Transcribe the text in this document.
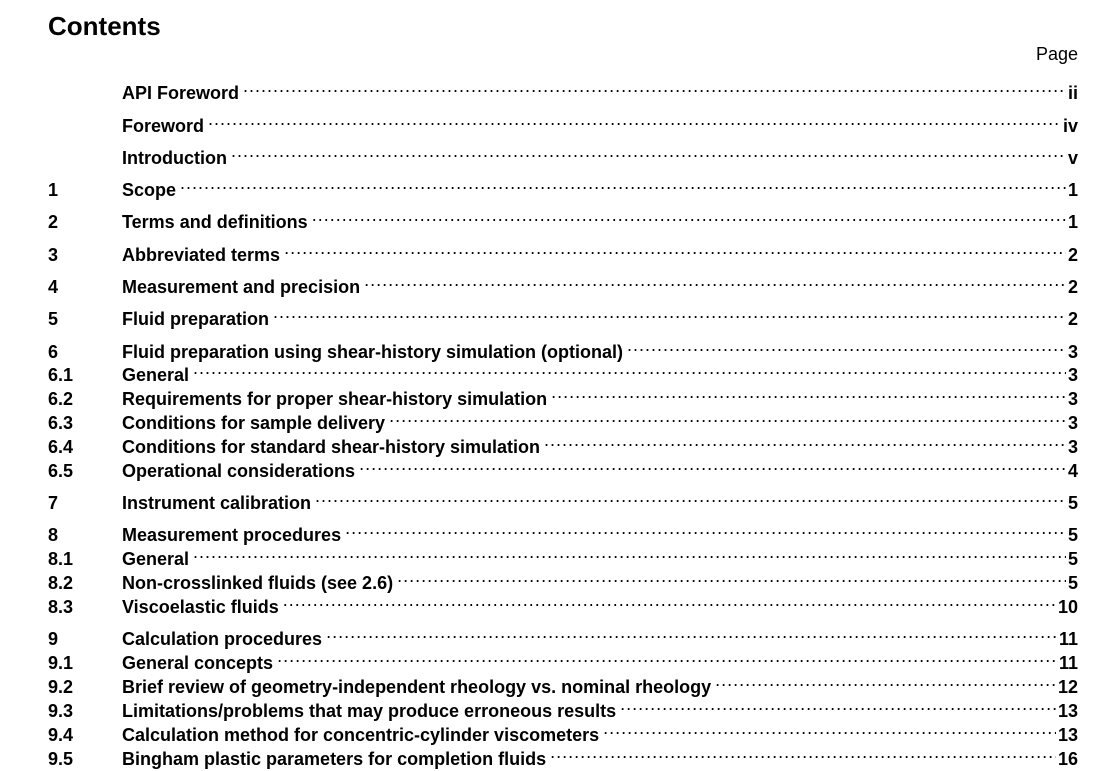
Contents
Page
API Foreword .....	ii
Foreword .....	iv
Introduction .....	v
1	Scope .....	1
2	Terms and definitions .....	1
3	Abbreviated terms .....	2
4	Measurement and precision .....	2
5	Fluid preparation .....	2
6	Fluid preparation using shear-history simulation (optional) .....	3
6.1	General .....	3
6.2	Requirements for proper shear-history simulation .....	3
6.3	Conditions for sample delivery .....	3
6.4	Conditions for standard shear-history simulation .....	3
6.5	Operational considerations .....	4
7	Instrument calibration .....	5
8	Measurement procedures .....	5
8.1	General .....	5
8.2	Non-crosslinked fluids (see 2.6) .....	5
8.3	Viscoelastic fluids .....	10
9	Calculation procedures .....	11
9.1	General concepts .....	11
9.2	Brief review of geometry-independent rheology vs. nominal rheology .....	12
9.3	Limitations/problems that may produce erroneous results .....	13
9.4	Calculation method for concentric-cylinder viscometers .....	13
9.5	Bingham plastic parameters for completion fluids .....	16
